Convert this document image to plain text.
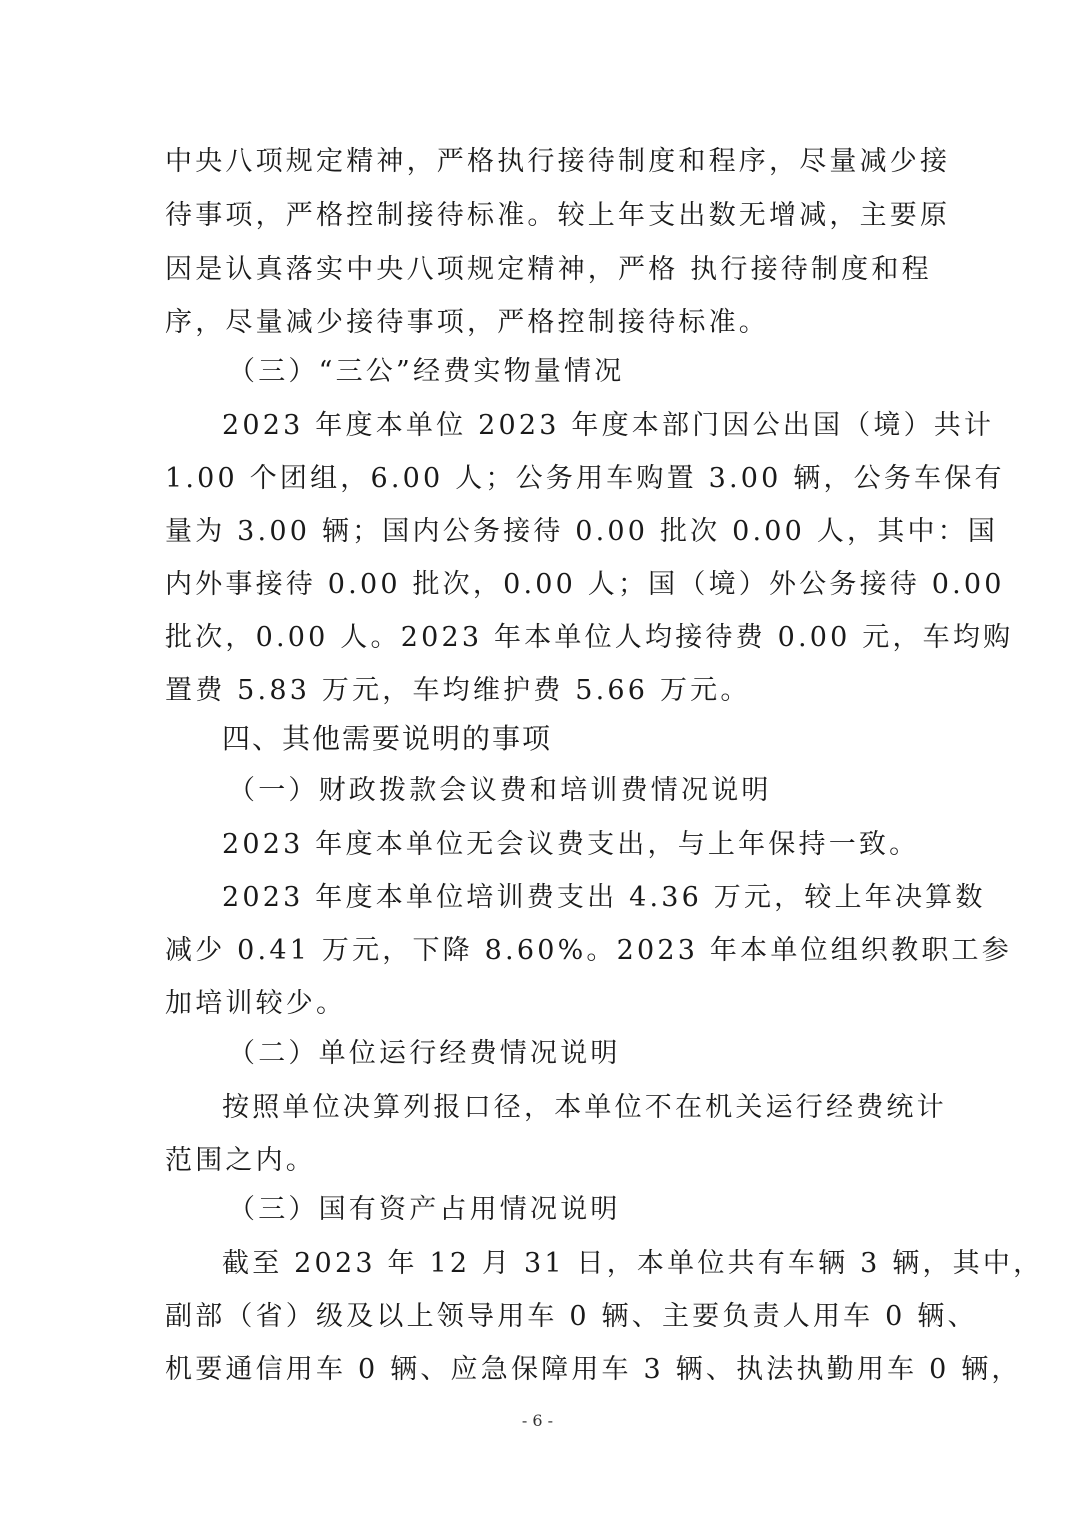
中央八项规定精神，严格执行接待制度和程序，尽量减少接
待事项，严格控制接待标准。较上年支出数无增减，主要原
因是认真落实中央八项规定精神，严格 执行接待制度和程
序，尽量减少接待事项，严格控制接待标准。
（三）“三公”经费实物量情况
2023 年度本单位 2023 年度本部门因公出国（境）共计
1.00 个团组，6.00 人；公务用车购置 3.00 辆，公务车保有
量为 3.00 辆；国内公务接待 0.00 批次 0.00 人，其中：国
内外事接待 0.00 批次，0.00 人；国（境）外公务接待 0.00
批次，0.00 人。2023 年本单位人均接待费 0.00 元，车均购
置费 5.83 万元，车均维护费 5.66 万元。
四、其他需要说明的事项
（一）财政拨款会议费和培训费情况说明
2023 年度本单位无会议费支出，与上年保持一致。
2023 年度本单位培训费支出 4.36 万元，较上年决算数
减少 0.41 万元，下降 8.60%。2023 年本单位组织教职工参
加培训较少。
（二）单位运行经费情况说明
按照单位决算列报口径，本单位不在机关运行经费统计
范围之内。
（三）国有资产占用情况说明
截至 2023 年 12 月 31 日，本单位共有车辆 3 辆，其中，
副部（省）级及以上领导用车 0 辆、主要负责人用车 0 辆、
机要通信用车 0 辆、应急保障用车 3 辆、执法执勤用车 0 辆，
- 6 -
